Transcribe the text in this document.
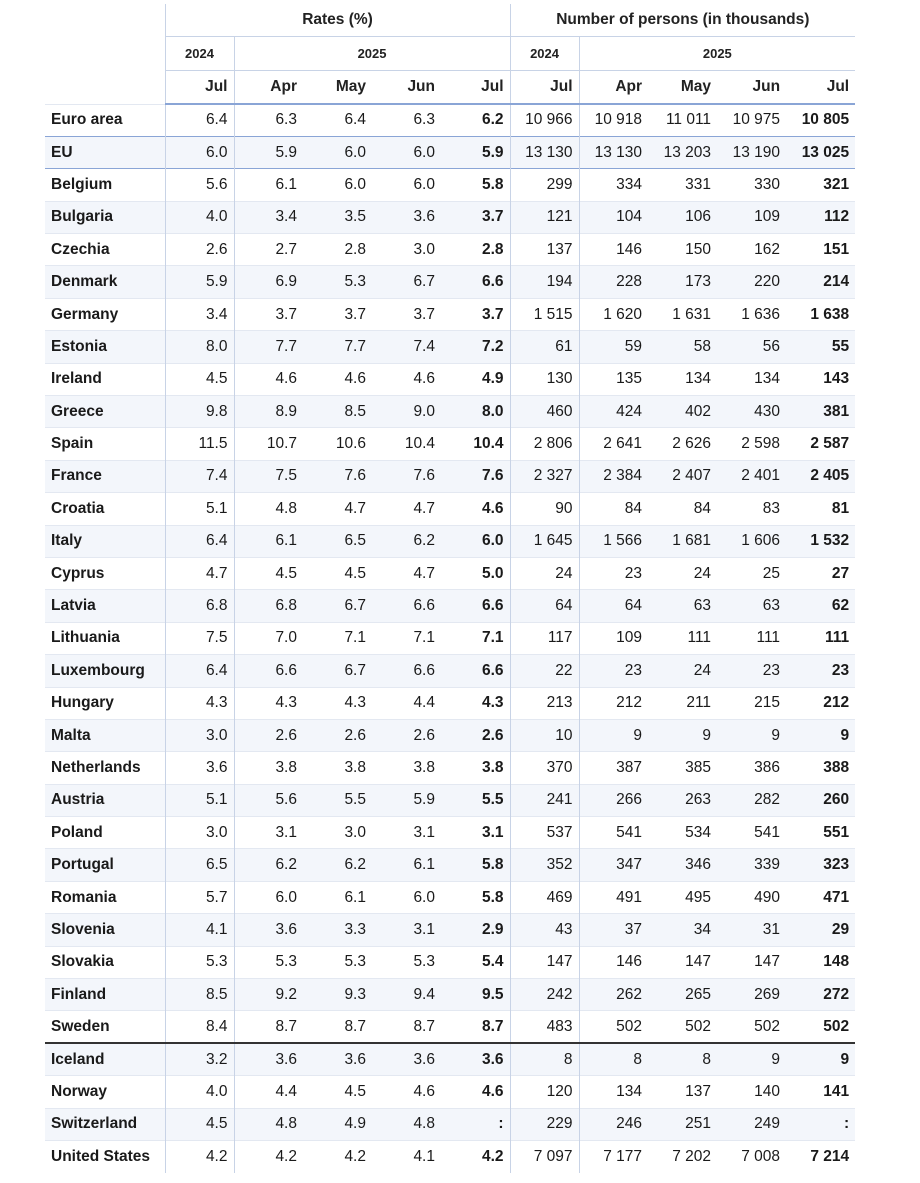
	Rates (%)					Number of persons (in thousands)				
	2024	2025				2024	2025			
	Jul	Apr	May	Jun	Jul	Jul	Apr	May	Jun	Jul
Euro area	6.4	6.3	6.4	6.3	6.2	10 966	10 918	11 011	10 975	10 805
EU	6.0	5.9	6.0	6.0	5.9	13 130	13 130	13 203	13 190	13 025
Belgium	5.6	6.1	6.0	6.0	5.8	299	334	331	330	321
Bulgaria	4.0	3.4	3.5	3.6	3.7	121	104	106	109	112
Czechia	2.6	2.7	2.8	3.0	2.8	137	146	150	162	151
Denmark	5.9	6.9	5.3	6.7	6.6	194	228	173	220	214
Germany	3.4	3.7	3.7	3.7	3.7	1 515	1 620	1 631	1 636	1 638
Estonia	8.0	7.7	7.7	7.4	7.2	61	59	58	56	55
Ireland	4.5	4.6	4.6	4.6	4.9	130	135	134	134	143
Greece	9.8	8.9	8.5	9.0	8.0	460	424	402	430	381
Spain	11.5	10.7	10.6	10.4	10.4	2 806	2 641	2 626	2 598	2 587
France	7.4	7.5	7.6	7.6	7.6	2 327	2 384	2 407	2 401	2 405
Croatia	5.1	4.8	4.7	4.7	4.6	90	84	84	83	81
Italy	6.4	6.1	6.5	6.2	6.0	1 645	1 566	1 681	1 606	1 532
Cyprus	4.7	4.5	4.5	4.7	5.0	24	23	24	25	27
Latvia	6.8	6.8	6.7	6.6	6.6	64	64	63	63	62
Lithuania	7.5	7.0	7.1	7.1	7.1	117	109	111	111	111
Luxembourg	6.4	6.6	6.7	6.6	6.6	22	23	24	23	23
Hungary	4.3	4.3	4.3	4.4	4.3	213	212	211	215	212
Malta	3.0	2.6	2.6	2.6	2.6	10	9	9	9	9
Netherlands	3.6	3.8	3.8	3.8	3.8	370	387	385	386	388
Austria	5.1	5.6	5.5	5.9	5.5	241	266	263	282	260
Poland	3.0	3.1	3.0	3.1	3.1	537	541	534	541	551
Portugal	6.5	6.2	6.2	6.1	5.8	352	347	346	339	323
Romania	5.7	6.0	6.1	6.0	5.8	469	491	495	490	471
Slovenia	4.1	3.6	3.3	3.1	2.9	43	37	34	31	29
Slovakia	5.3	5.3	5.3	5.3	5.4	147	146	147	147	148
Finland	8.5	9.2	9.3	9.4	9.5	242	262	265	269	272
Sweden	8.4	8.7	8.7	8.7	8.7	483	502	502	502	502
Iceland	3.2	3.6	3.6	3.6	3.6	8	8	8	9	9
Norway	4.0	4.4	4.5	4.6	4.6	120	134	137	140	141
Switzerland	4.5	4.8	4.9	4.8	:	229	246	251	249	:
United States	4.2	4.2	4.2	4.1	4.2	7 097	7 177	7 202	7 008	7 214
